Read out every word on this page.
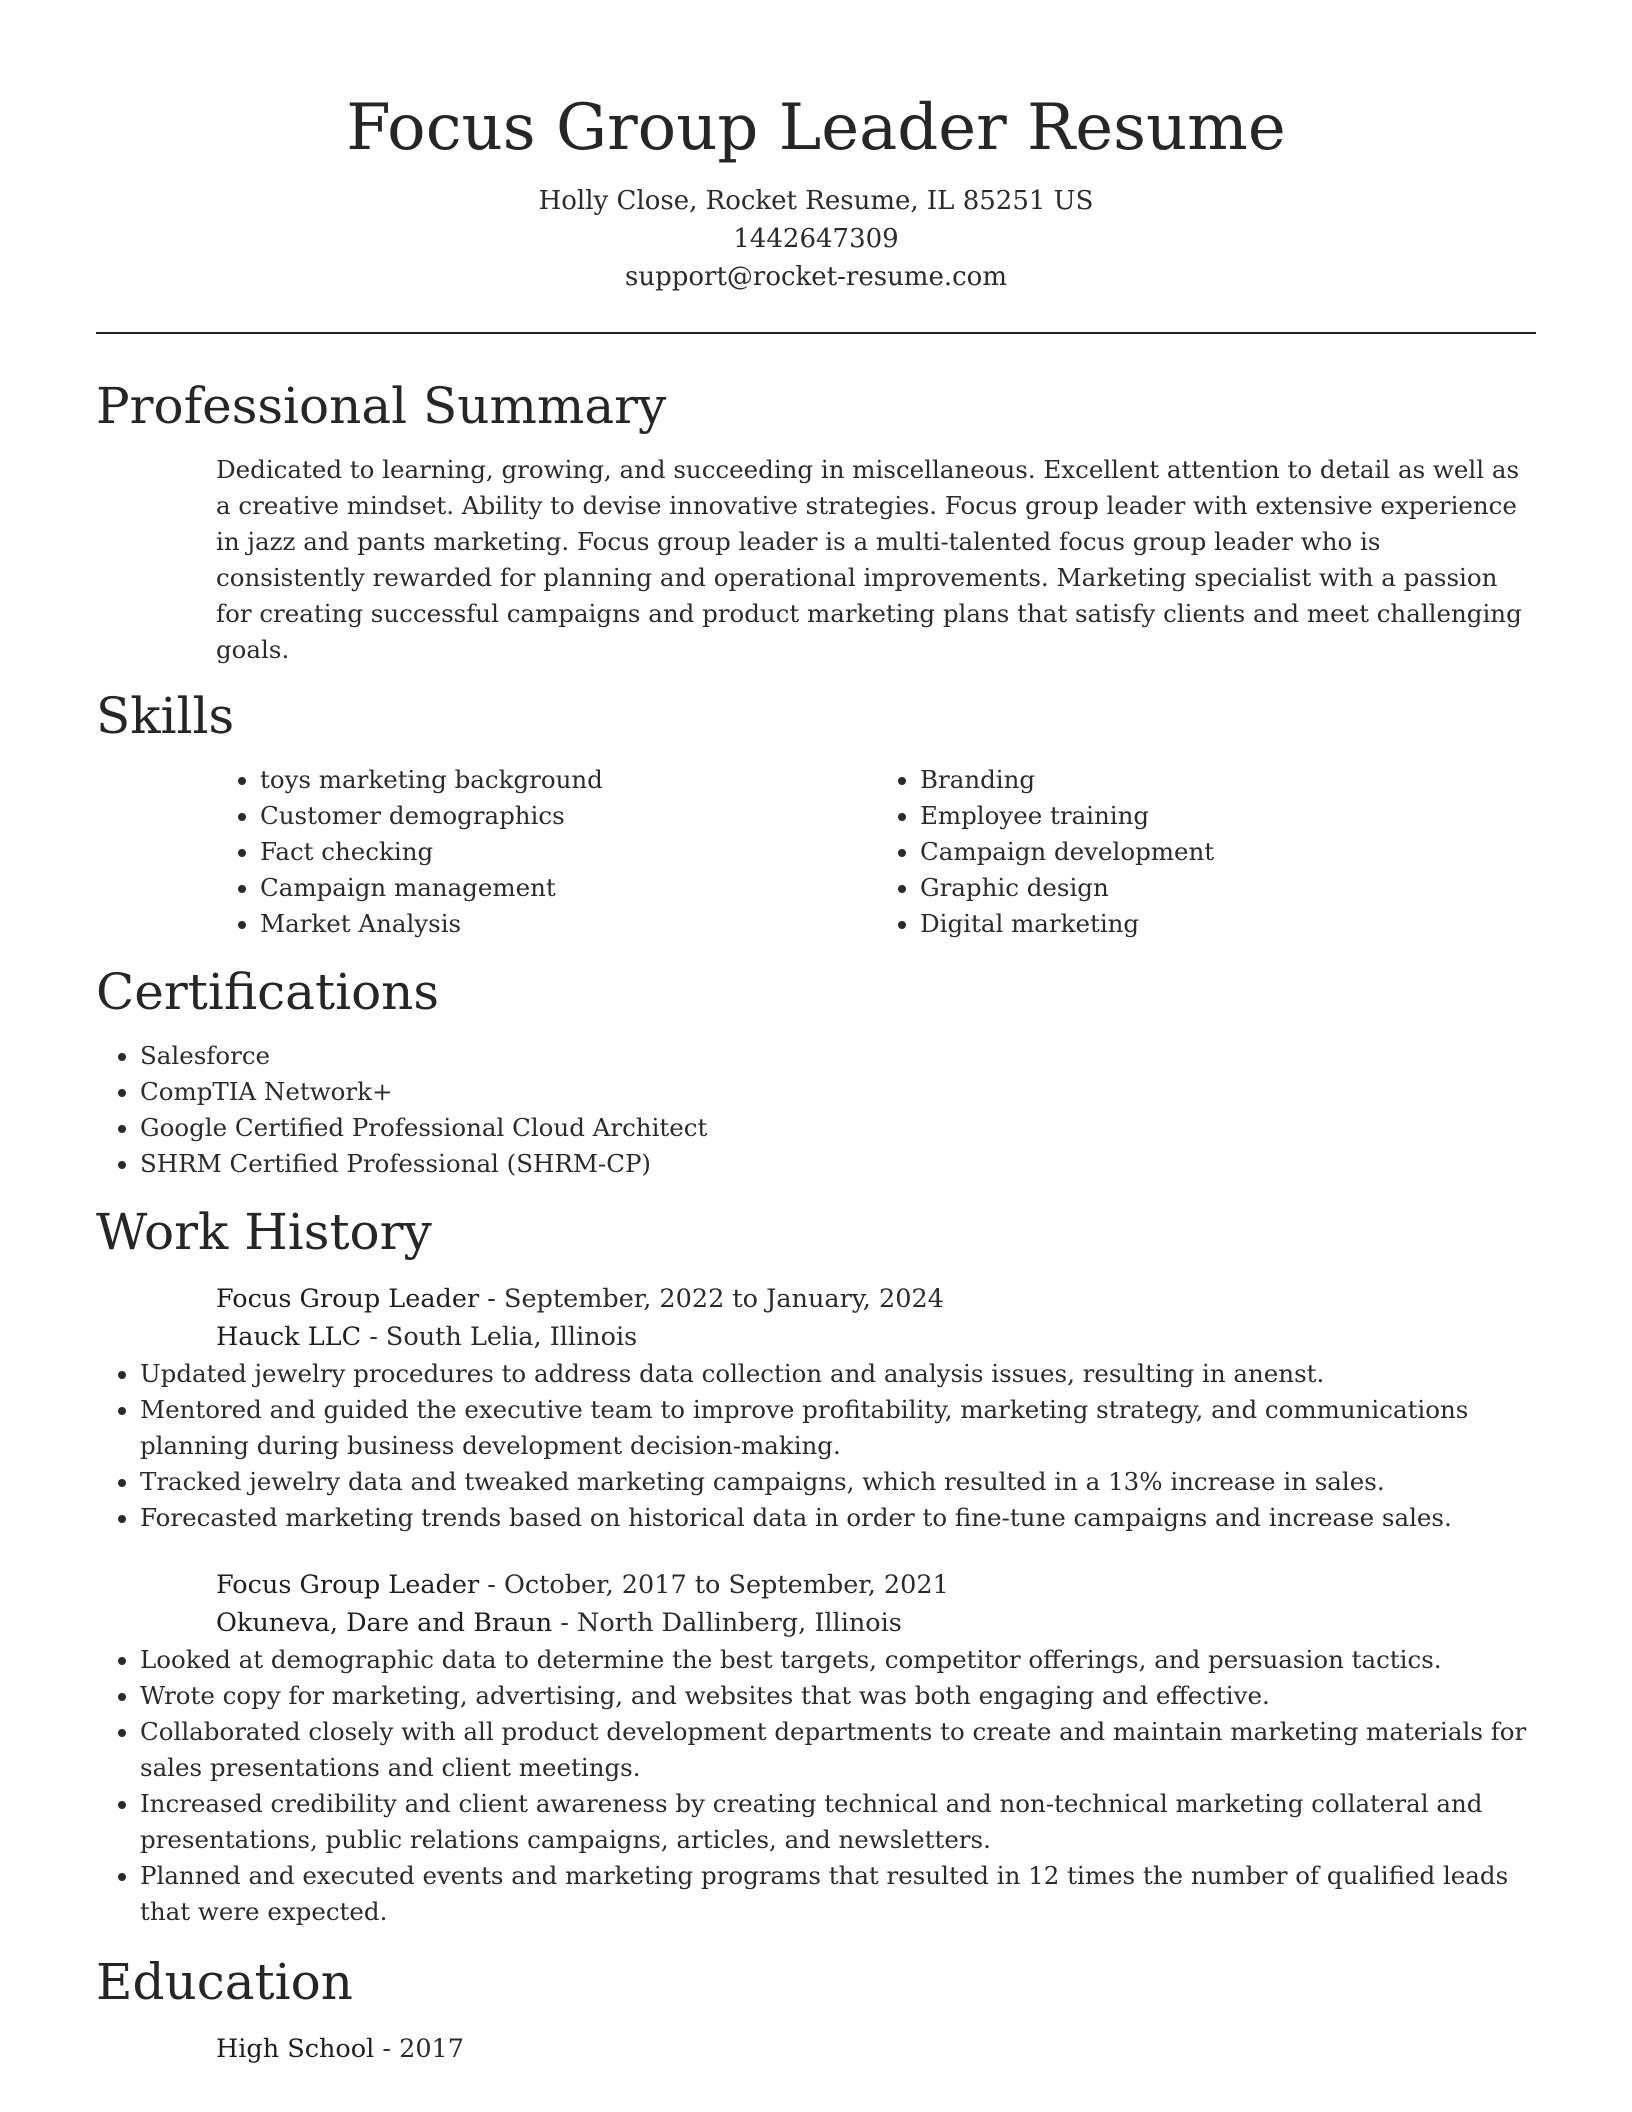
Focus Group Leader Resume
Holly Close, Rocket Resume, IL 85251 US
1442647309
support@rocket-resume.com
Professional Summary

Dedicated to learning, growing, and succeeding in miscellaneous. Excellent attention to detail as well as a creative mindset. Ability to devise innovative strategies. Focus group leader with extensive experience in jazz and pants marketing. Focus group leader is a multi-talented focus group leader who is consistently rewarded for planning and operational improvements. Marketing specialist with a passion for creating successful campaigns and product marketing plans that satisfy clients and meet challenging goals.

Skills
• toys marketing background
• Customer demographics
• Fact checking
• Campaign management
• Market Analysis
• Branding
• Employee training
• Campaign development
• Graphic design
• Digital marketing
Certifications
• Salesforce
• CompTIA Network+
• Google Certified Professional Cloud Architect
• SHRM Certified Professional (SHRM-CP)
Work History
Focus Group Leader - September, 2022 to January, 2024
Hauck LLC - South Lelia, Illinois
• Updated jewelry procedures to address data collection and analysis issues, resulting in anenst.
• Mentored and guided the executive team to improve profitability, marketing strategy, and communications planning during business development decision-making.
• Tracked jewelry data and tweaked marketing campaigns, which resulted in a 13% increase in sales.
• Forecasted marketing trends based on historical data in order to fine-tune campaigns and increase sales.
Focus Group Leader - October, 2017 to September, 2021
Okuneva, Dare and Braun - North Dallinberg, Illinois
• Looked at demographic data to determine the best targets, competitor offerings, and persuasion tactics.
• Wrote copy for marketing, advertising, and websites that was both engaging and effective.
• Collaborated closely with all product development departments to create and maintain marketing materials for sales presentations and client meetings.
• Increased credibility and client awareness by creating technical and non-technical marketing collateral and presentations, public relations campaigns, articles, and newsletters.
• Planned and executed events and marketing programs that resulted in 12 times the number of qualified leads that were expected.
Education
High School - 2017
